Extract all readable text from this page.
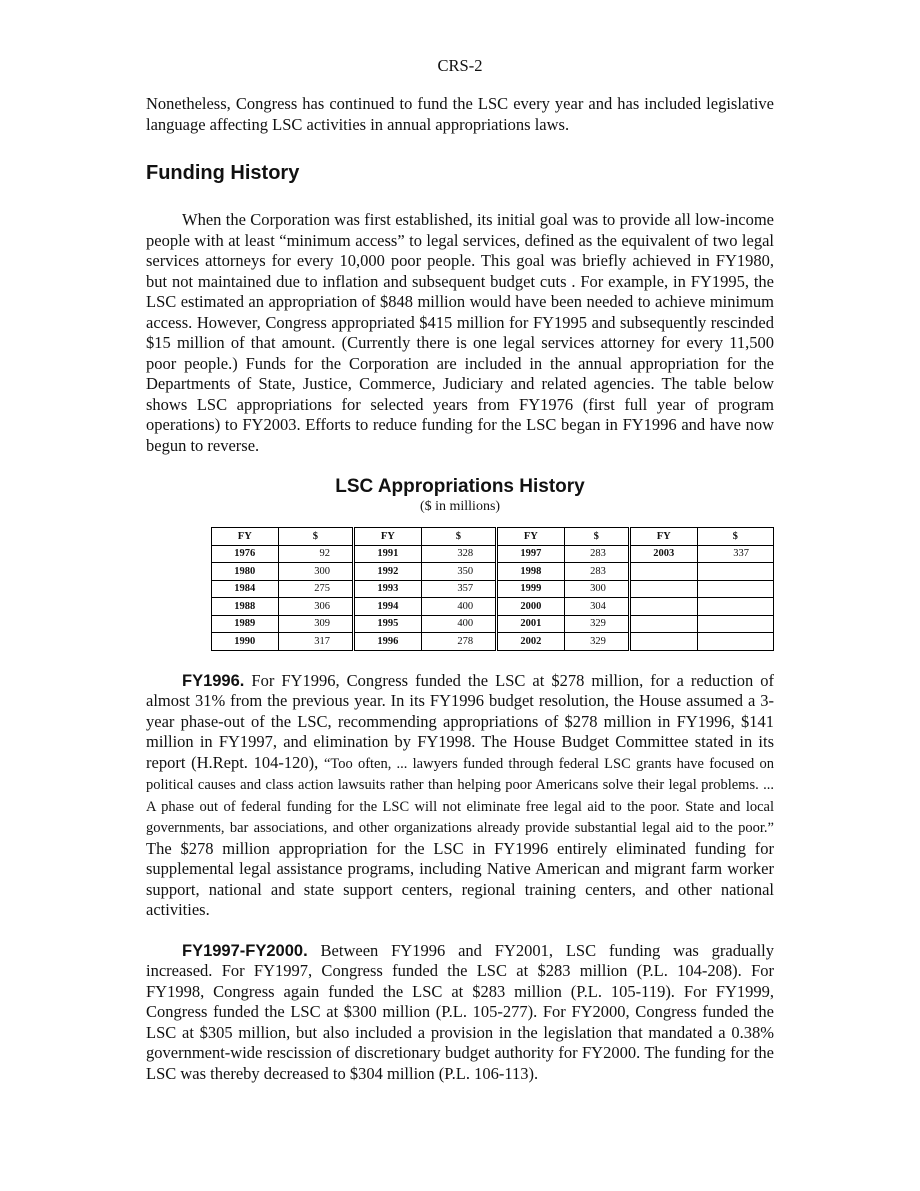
CRS-2

Nonetheless, Congress has continued to fund the LSC every year and has included legislative language affecting LSC activities in annual appropriations laws.

Funding History

When the Corporation was first established, its initial goal was to provide all low-income people with at least “minimum access” to legal services, defined as the equivalent of two legal services attorneys for every 10,000 poor people. This goal was briefly achieved in FY1980, but not maintained due to inflation and subsequent budget cuts . For example, in FY1995, the LSC estimated an appropriation of $848 million would have been needed to achieve minimum access. However, Congress appropriated $415 million for FY1995 and subsequently rescinded $15 million of that amount. (Currently there is one legal services attorney for every 11,500 poor people.) Funds for the Corporation are included in the annual appropriation for the Departments of State, Justice, Commerce, Judiciary and related agencies. The table below shows LSC appropriations for selected years from FY1976 (first full year of program operations) to FY2003. Efforts to reduce funding for the LSC began in FY1996 and have now begun to reverse.

LSC Appropriations History
($ in millions)
FY	$	FY	$	FY	$	FY	$
1976	92	1991	328	1997	283	2003	337
1980	300	1992	350	1998	283		
1984	275	1993	357	1999	300		
1988	306	1994	400	2000	304		
1989	309	1995	400	2001	329		
1990	317	1996	278	2002	329		

FY1996. For FY1996, Congress funded the LSC at $278 million, for a reduction of almost 31% from the previous year. In its FY1996 budget resolution, the House assumed a 3-year phase-out of the LSC, recommending appropriations of $278 million in FY1996, $141 million in FY1997, and elimination by FY1998. The House Budget Committee stated in its report (H.Rept. 104-120), “Too often, ... lawyers funded through federal LSC grants have focused on political causes and class action lawsuits rather than helping poor Americans solve their legal problems. ... A phase out of federal funding for the LSC will not eliminate free legal aid to the poor. State and local governments, bar associations, and other organizations already provide substantial legal aid to the poor.” The $278 million appropriation for the LSC in FY1996 entirely eliminated funding for supplemental legal assistance programs, including Native American and migrant farm worker support, national and state support centers, regional training centers, and other national activities.

FY1997-FY2000. Between FY1996 and FY2001, LSC funding was gradually increased. For FY1997, Congress funded the LSC at $283 million (P.L. 104-208). For FY1998, Congress again funded the LSC at $283 million (P.L. 105-119). For FY1999, Congress funded the LSC at $300 million (P.L. 105-277). For FY2000, Congress funded the LSC at $305 million, but also included a provision in the legislation that mandated a 0.38% government-wide rescission of discretionary budget authority for FY2000. The funding for the LSC was thereby decreased to $304 million (P.L. 106-113).
